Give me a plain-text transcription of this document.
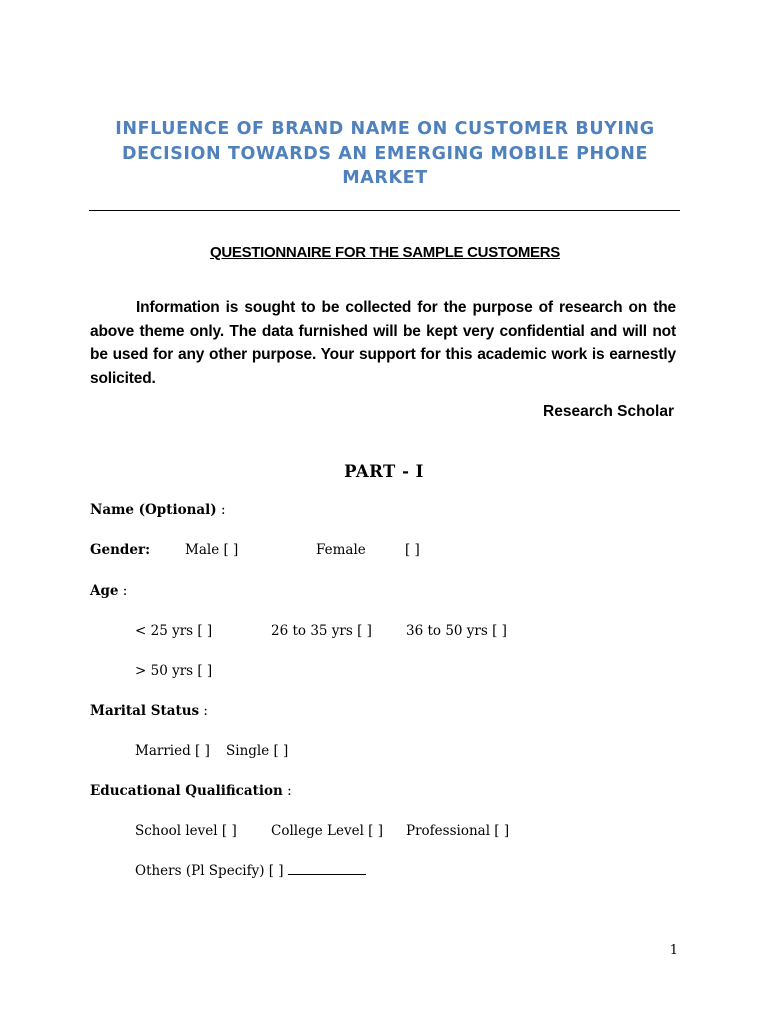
INFLUENCE OF BRAND NAME ON CUSTOMER BUYING
DECISION TOWARDS AN EMERGING MOBILE PHONE
MARKET
QUESTIONNAIRE FOR THE SAMPLE CUSTOMERS

Information is sought to be collected for the purpose of research on the above theme only. The data furnished will be kept very confidential and will not be used for any other purpose. Your support for this academic work is earnestly solicited.

Research Scholar
PART - I
Name (Optional) :
Gender:	Male [ ]	Female	[ ]
Age :
< 25 yrs [ ]	26 to 35 yrs [ ]	36 to 50 yrs [ ]
> 50 yrs [ ]
Marital Status :
Married [ ] Single [ ]
Educational Qualification :
School level [ ]	College Level [ ] Professional [ ]
Others (Pl Specify) [ ]
1
